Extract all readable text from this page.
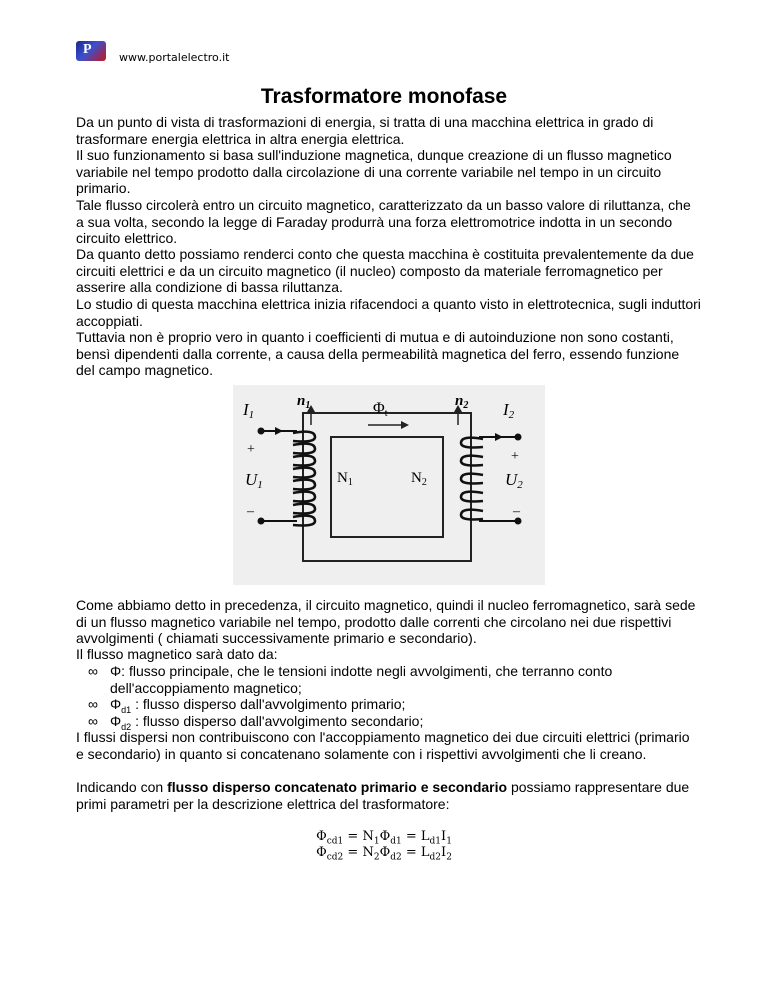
P
www.portalelectro.it
Trasformatore monofase

Da un punto di vista di trasformazioni di energia, si tratta di una macchina elettrica in grado di trasformare energia elettrica in altra energia elettrica.

Il suo funzionamento si basa sull'induzione magnetica, dunque creazione di un flusso magnetico variabile nel tempo prodotto dalla circolazione di una corrente variabile nel tempo in un circuito primario.

Tale flusso circolerà entro un circuito magnetico, caratterizzato da un basso valore di riluttanza, che a sua volta, secondo la legge di Faraday produrrà una forza elettromotrice indotta in un secondo circuito elettrico.

Da quanto detto possiamo renderci conto che questa macchina è costituita prevalentemente da due circuiti elettrici e da un circuito magnetico (il nucleo) composto da materiale ferromagnetico per asserire alla condizione di bassa riluttanza.

Lo studio di questa macchina elettrica inizia rifacendoci a quanto visto in elettrotecnica, sugli induttori accoppiati.

Tuttavia non è proprio vero in quanto i coefficienti di mutua e di autoinduzione non sono costanti, bensì dipendenti dalla corrente, a causa della permeabilità magnetica del ferro, essendo funzione del campo magnetico.

I1	I2
$n_1$	$n_2$
Φt
+	+
U1	U2
–	–
$N_1$	$N_2$

Come abbiamo detto in precedenza, il circuito magnetico, quindi il nucleo ferromagnetico, sarà sede di un flusso magnetico variabile nel tempo, prodotto dalle correnti che circolano nei due rispettivi avvolgimenti ( chiamati successivamente primario e secondario).

Il flusso magnetico sarà dato da:

∞ Φ: flusso principale, che le tensioni indotte negli avvolgimenti, che terranno conto dell'accoppiamento magnetico;
∞ $\Phi_{d1}$ : flusso disperso dall'avvolgimento primario;
∞ $\Phi_{d2}$ : flusso disperso dall'avvolgimento secondario;

I flussi dispersi non contribuiscono con l'accoppiamento magnetico dei due circuiti elettrici (primario e secondario) in quanto si concatenano solamente con i rispettivi avvolgimenti che li creano.

Indicando con flusso disperso concatenato primario e secondario possiamo rappresentare due primi parametri per la descrizione elettrica del trasformatore:

$\Phi_{cd1} = N_1\Phi_{d1} = L_{d1}I_1$
$\Phi_{cd2} = N_2\Phi_{d2} = L_{d2}I_2$
